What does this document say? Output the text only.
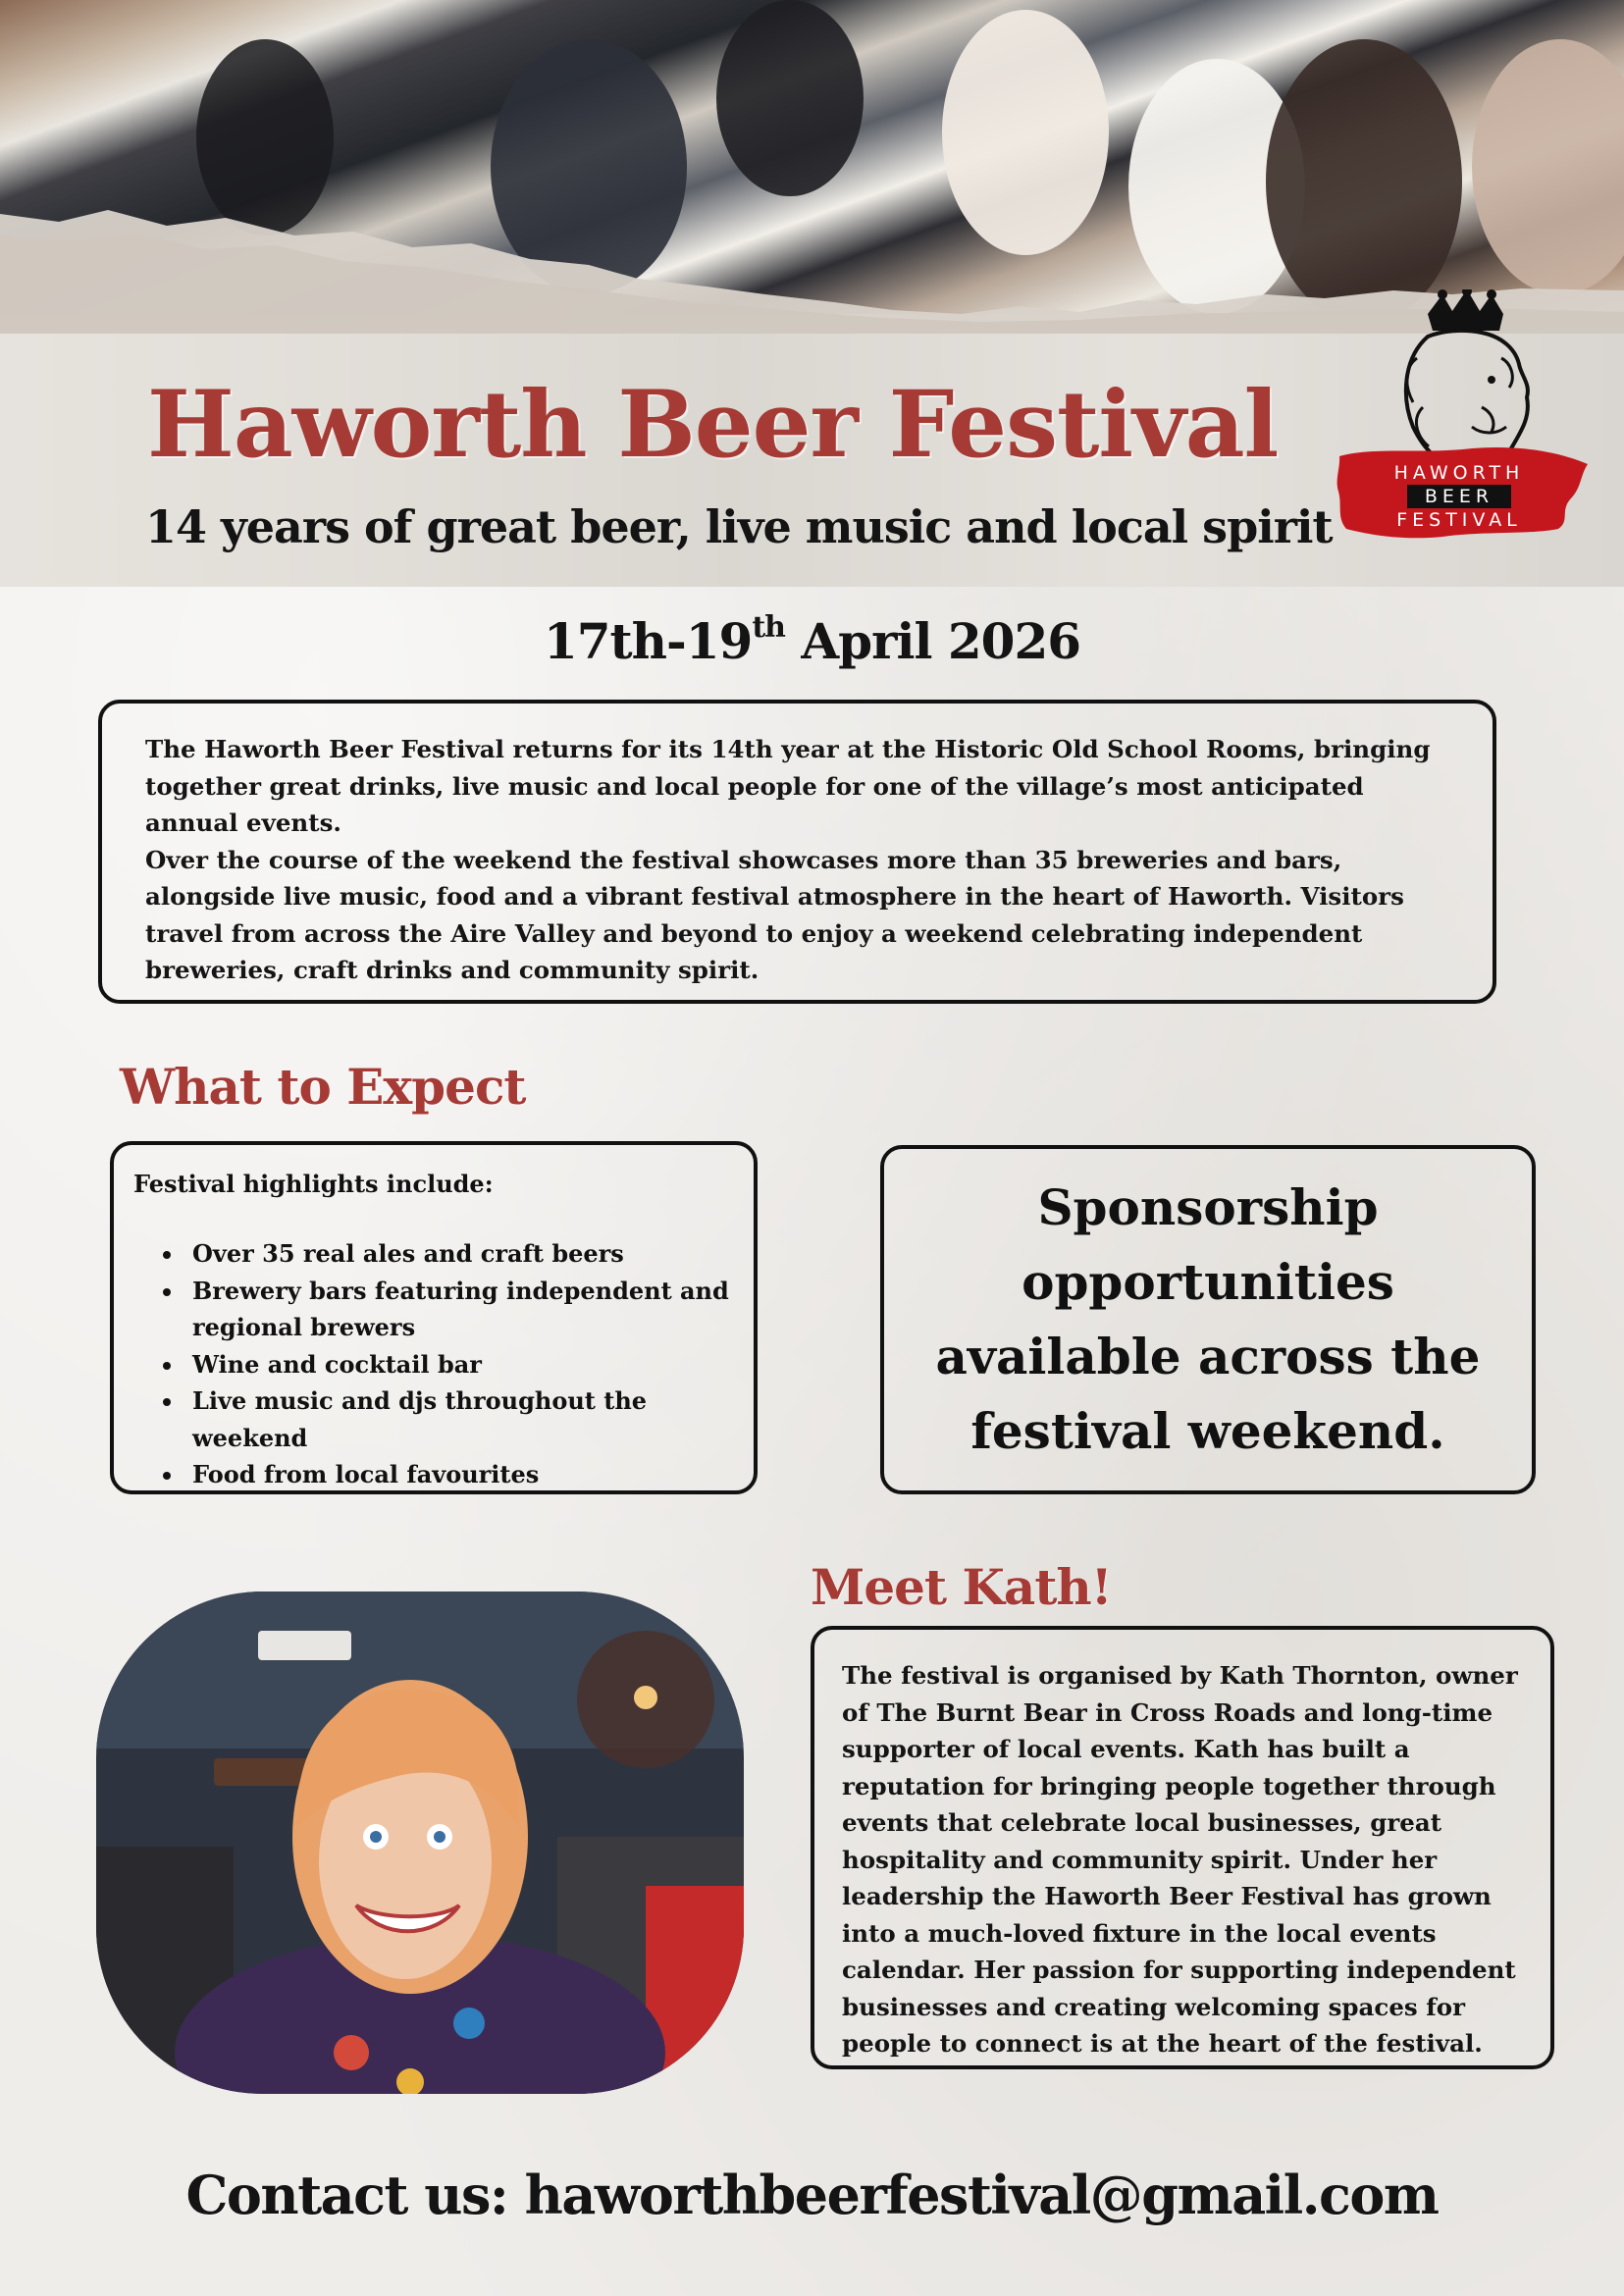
Haworth Beer Festival
14 years of great beer, live music and local spirit
HAWORTH
BEER
FESTIVAL
17th-19th April 2026

The Haworth Beer Festival returns for its 14th year at the Historic Old School Rooms, bringing together great drinks, live music and local people for one of the village’s most anticipated annual events.

Over the course of the weekend the festival showcases more than 35 breweries and bars, alongside live music, food and a vibrant festival atmosphere in the heart of Haworth. Visitors travel from across the Aire Valley and beyond to enjoy a weekend celebrating independent breweries, craft drinks and community spirit.

What to Expect

Festival highlights include:

• Over 35 real ales and craft beers
• Brewery bars featuring independent and regional brewers
• Wine and cocktail bar
• Live music and djs throughout the weekend
• Food from local favourites

Sponsorship opportunities available across the festival weekend.

Meet Kath!

The festival is organised by Kath Thornton, owner of The Burnt Bear in Cross Roads and long-time supporter of local events. Kath has built a reputation for bringing people together through events that celebrate local businesses, great hospitality and community spirit. Under her leadership the Haworth Beer Festival has grown into a much-loved fixture in the local events calendar. Her passion for supporting independent businesses and creating welcoming spaces for people to connect is at the heart of the festival.

Contact us: haworthbeerfestival@gmail.com
